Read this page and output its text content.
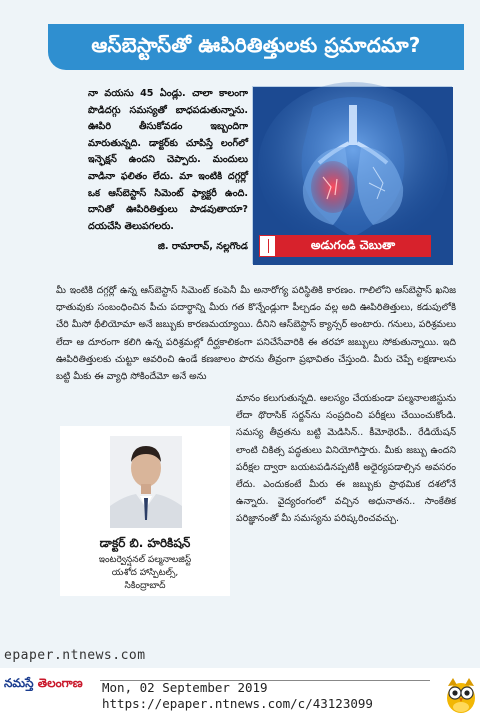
ఆస్‌బెస్టాస్‌తో ఊపిరితిత్తులకు ప్రమాదమా?
నా వయసు 45 ఏండ్లు. చాలా కాలంగా పొడిదగ్గు సమస్యతో బాధపడుతున్నాను. ఊపిరి తీసుకోవడం ఇబ్బందిగా మారుతున్నది. డాక్టర్‌కు చూపిస్తే లంగ్‌లో ఇన్ఫెక్షన్ ఉందని చెప్పారు. మందులు వాడినా ఫలితం లేదు. మా ఇంటికి దగ్గర్లో ఒక ఆస్‌బెస్టాస్ సిమెంట్ ఫ్యాక్టరీ ఉంది. దానితో ఊపిరితిత్తులు పాడవుతాయా? దయచేసి తెలుపగలరు.
జి. రామారావ్, నల్లగొండ	అడుగండి చెబుతా
మీ ఇంటికి దగ్గర్లో ఉన్న ఆస్‌బెస్టాస్ సిమెంట్ కంపెనీ మీ అనారోగ్య పరిస్థితికి కారణం. గాలిలోని ఆస్‌బెస్టాస్ ఖనిజ ధాతువుకు సంబంధించిన పీచు పదార్థాన్ని మీరు గత కొన్నేండ్లుగా పీల్చడం వల్ల అది ఊపిరితిత్తులు, కడుపులోకి చేరి మీసో థీలియోమా అనే జబ్బుకు కారణమయ్యాయి. దీనిని ఆస్‌బెస్టాస్ క్యాన్సర్ అంటారు. గనులు, పరిశ్రమలు లేదా ఆ దూరంగా కలిగి ఉన్న పరిశ్రమల్లో దీర్ఘకాలికంగా పనిచేసేవారికి ఈ తరహా జబ్బులు సోకుతున్నాయి. ఇది ఊపిరితిత్తులకు చుట్టూ ఆవరించి ఉండే కణజాలం పొరను తీవ్రంగా ప్రభావితం చేస్తుంది. మీరు చెప్పే లక్షణాలను బట్టి మీకు ఈ వ్యాధి సోకిందేమో అనే అను
డాక్టర్ బి. హరికిషన్
ఇంటర్వెన్షనల్ పల్మనాలజిస్ట్
యశోద హాస్పిటల్స్,
సికింద్రాబాద్
మానం కలుగుతున్నది. ఆలస్యం చేయకుండా పల్మనాలజిస్టును లేదా థొరాసిక్ సర్జన్‌ను సంప్రదించి పరీక్షలు చేయించుకోండి. సమస్య తీవ్రతను బట్టి మెడిసిన్.. కీమోథెరపీ.. రేడియేషన్ లాంటి చికిత్స పద్ధతులు వినియోగిస్తారు. మీకు జబ్బు ఉందని పరీక్షల ద్వారా బయటపడినప్పటికీ అధైర్యపడాల్సిన అవసరం లేదు. ఎందుకంటే మీరు ఈ జబ్బుకు ప్రాథమిక దశలోనే ఉన్నారు. వైద్యరంగంలో వచ్చిన అధునాతన.. సాంకేతిక పరిజ్ఞానంతో మీ సమస్యను పరిష్కరించవచ్చు.
epaper.ntnews.com
నమస్తే తెలంగాణ	Mon, 02 September 2019
https://epaper.ntnews.com/c/43123099
